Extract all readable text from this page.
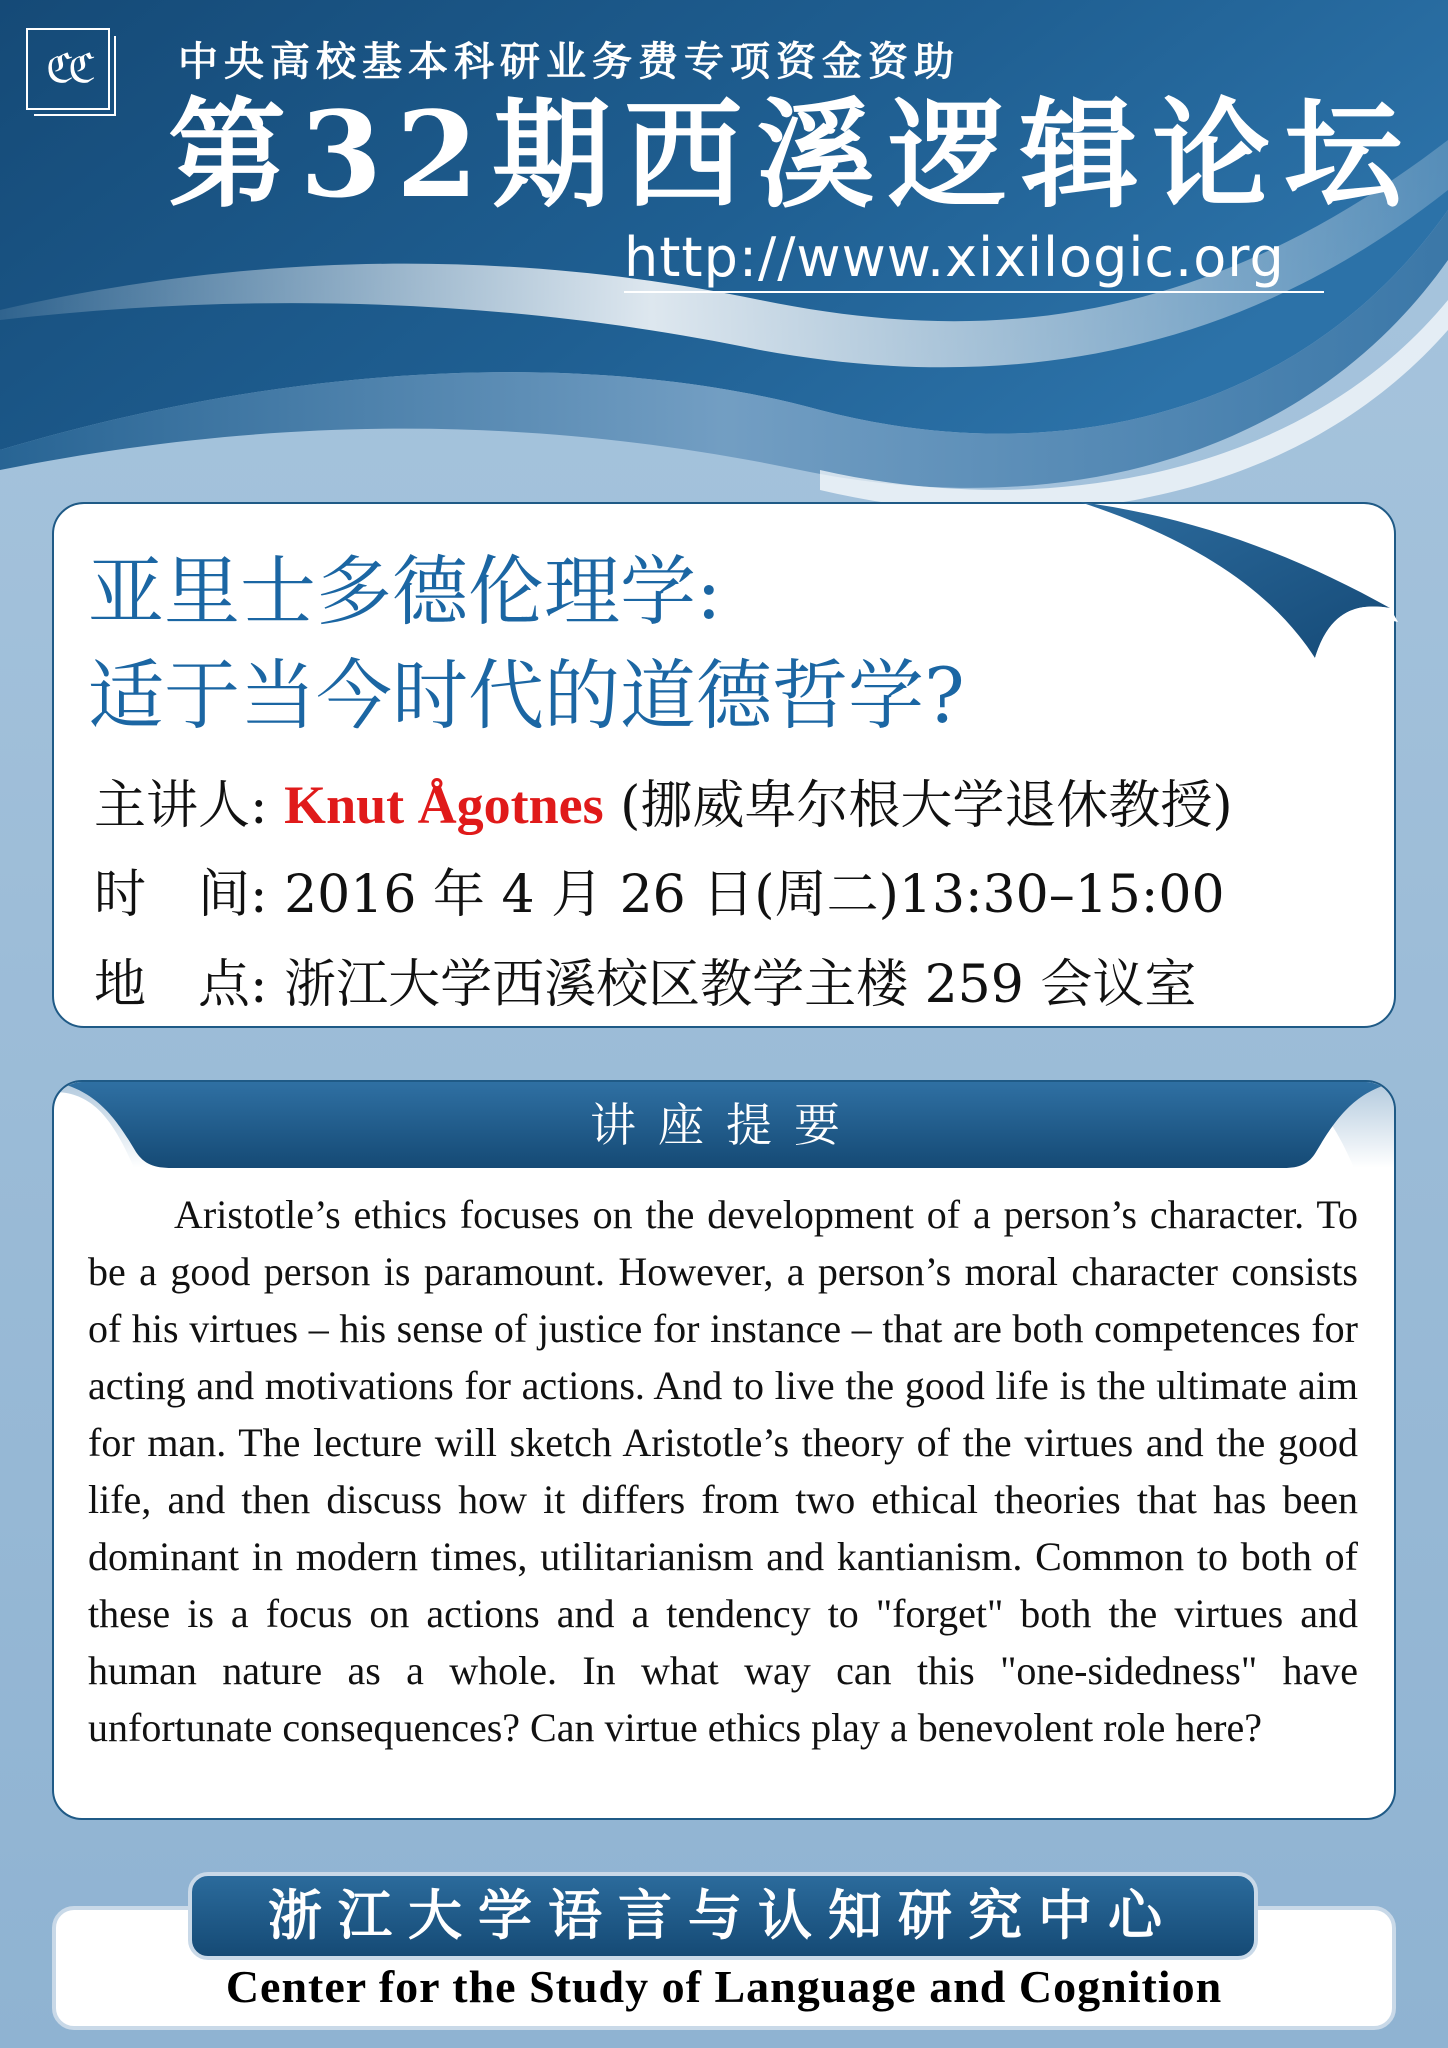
ℭℭ	中央高校基本科研业务费专项资金资助
第32期西溪逻辑论坛
http://www.xixilogic.org
亚里士多德伦理学:
适于当今时代的道德哲学?
主讲人: Knut Ågotnes (挪威卑尔根大学退休教授)
时　间: 2016 年 4 月 26 日(周二)13:30–15:00
地　点: 浙江大学西溪校区教学主楼 259 会议室
讲座提要

Aristotle’s ethics focuses on the development of a person’s character. To be a good person is paramount. However, a person’s moral character consists of his virtues – his sense of justice for instance – that are both competences for acting and motivations for actions. And to live the good life is the ultimate aim for man. The lecture will sketch Aristotle’s theory of the virtues and the good life, and then discuss how it differs from two ethical theories that has been dominant in modern times, utilitarianism and kantianism. Common to both of these is a focus on actions and a tendency to "forget" both the virtues and human nature as a whole. In what way can this "one-sidedness" have unfortunate consequences? Can virtue ethics play a benevolent role here?

浙江大学语言与认知研究中心
Center for the Study of Language and Cognition
